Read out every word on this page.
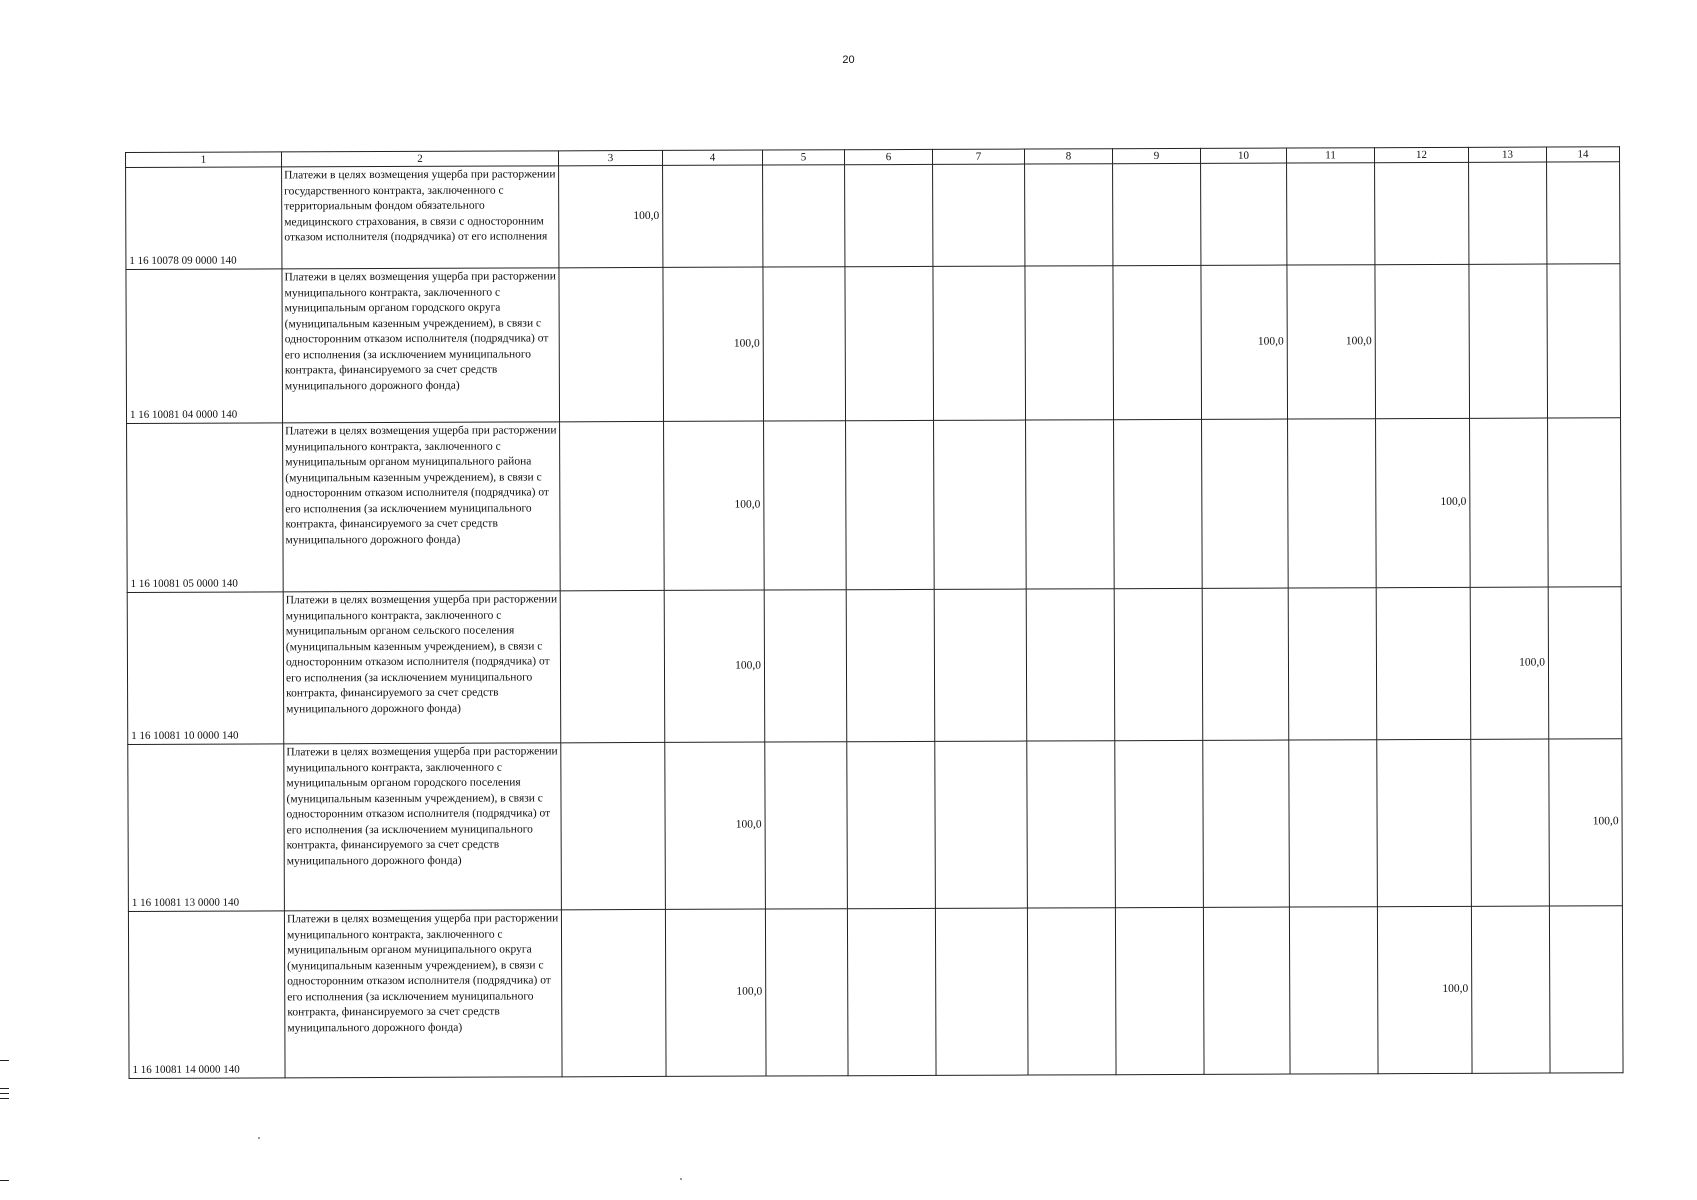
20
1	2	3	4	5	6	7	8	9	10	11	12	13	14
1 16 10078 09 0000 140	Платежи в целях возмещения ущерба при расторжении государственного контракта, заключенного с территориальным фондом обязательного медицинского страхования, в связи с односторонним отказом исполнителя (подрядчика) от его исполнения	100,0											
1 16 10081 04 0000 140	Платежи в целях возмещения ущерба при расторжении муниципального контракта, заключенного с муниципальным органом городского округа (муниципальным казенным учреждением), в связи с односторонним отказом исполнителя (подрядчика) от его исполнения (за исключением муниципального контракта, финансируемого за счет средств муниципального дорожного фонда)		100,0						100,0	100,0			
1 16 10081 05 0000 140	Платежи в целях возмещения ущерба при расторжении муниципального контракта, заключенного с муниципальным органом муниципального района (муниципальным казенным учреждением), в связи с односторонним отказом исполнителя (подрядчика) от его исполнения (за исключением муниципального контракта, финансируемого за счет средств муниципального дорожного фонда)		100,0								100,0		
1 16 10081 10 0000 140	Платежи в целях возмещения ущерба при расторжении муниципального контракта, заключенного с муниципальным органом сельского поселения (муниципальным казенным учреждением), в связи с односторонним отказом исполнителя (подрядчика) от его исполнения (за исключением муниципального контракта, финансируемого за счет средств муниципального дорожного фонда)		100,0									100,0	
1 16 10081 13 0000 140	Платежи в целях возмещения ущерба при расторжении муниципального контракта, заключенного с муниципальным органом городского поселения (муниципальным казенным учреждением), в связи с односторонним отказом исполнителя (подрядчика) от его исполнения (за исключением муниципального контракта, финансируемого за счет средств муниципального дорожного фонда)		100,0										100,0
1 16 10081 14 0000 140	Платежи в целях возмещения ущерба при расторжении муниципального контракта, заключенного с муниципальным органом муниципального округа (муниципальным казенным учреждением), в связи с односторонним отказом исполнителя (подрядчика) от его исполнения (за исключением муниципального контракта, финансируемого за счет средств муниципального дорожного фонда)		100,0								100,0		
